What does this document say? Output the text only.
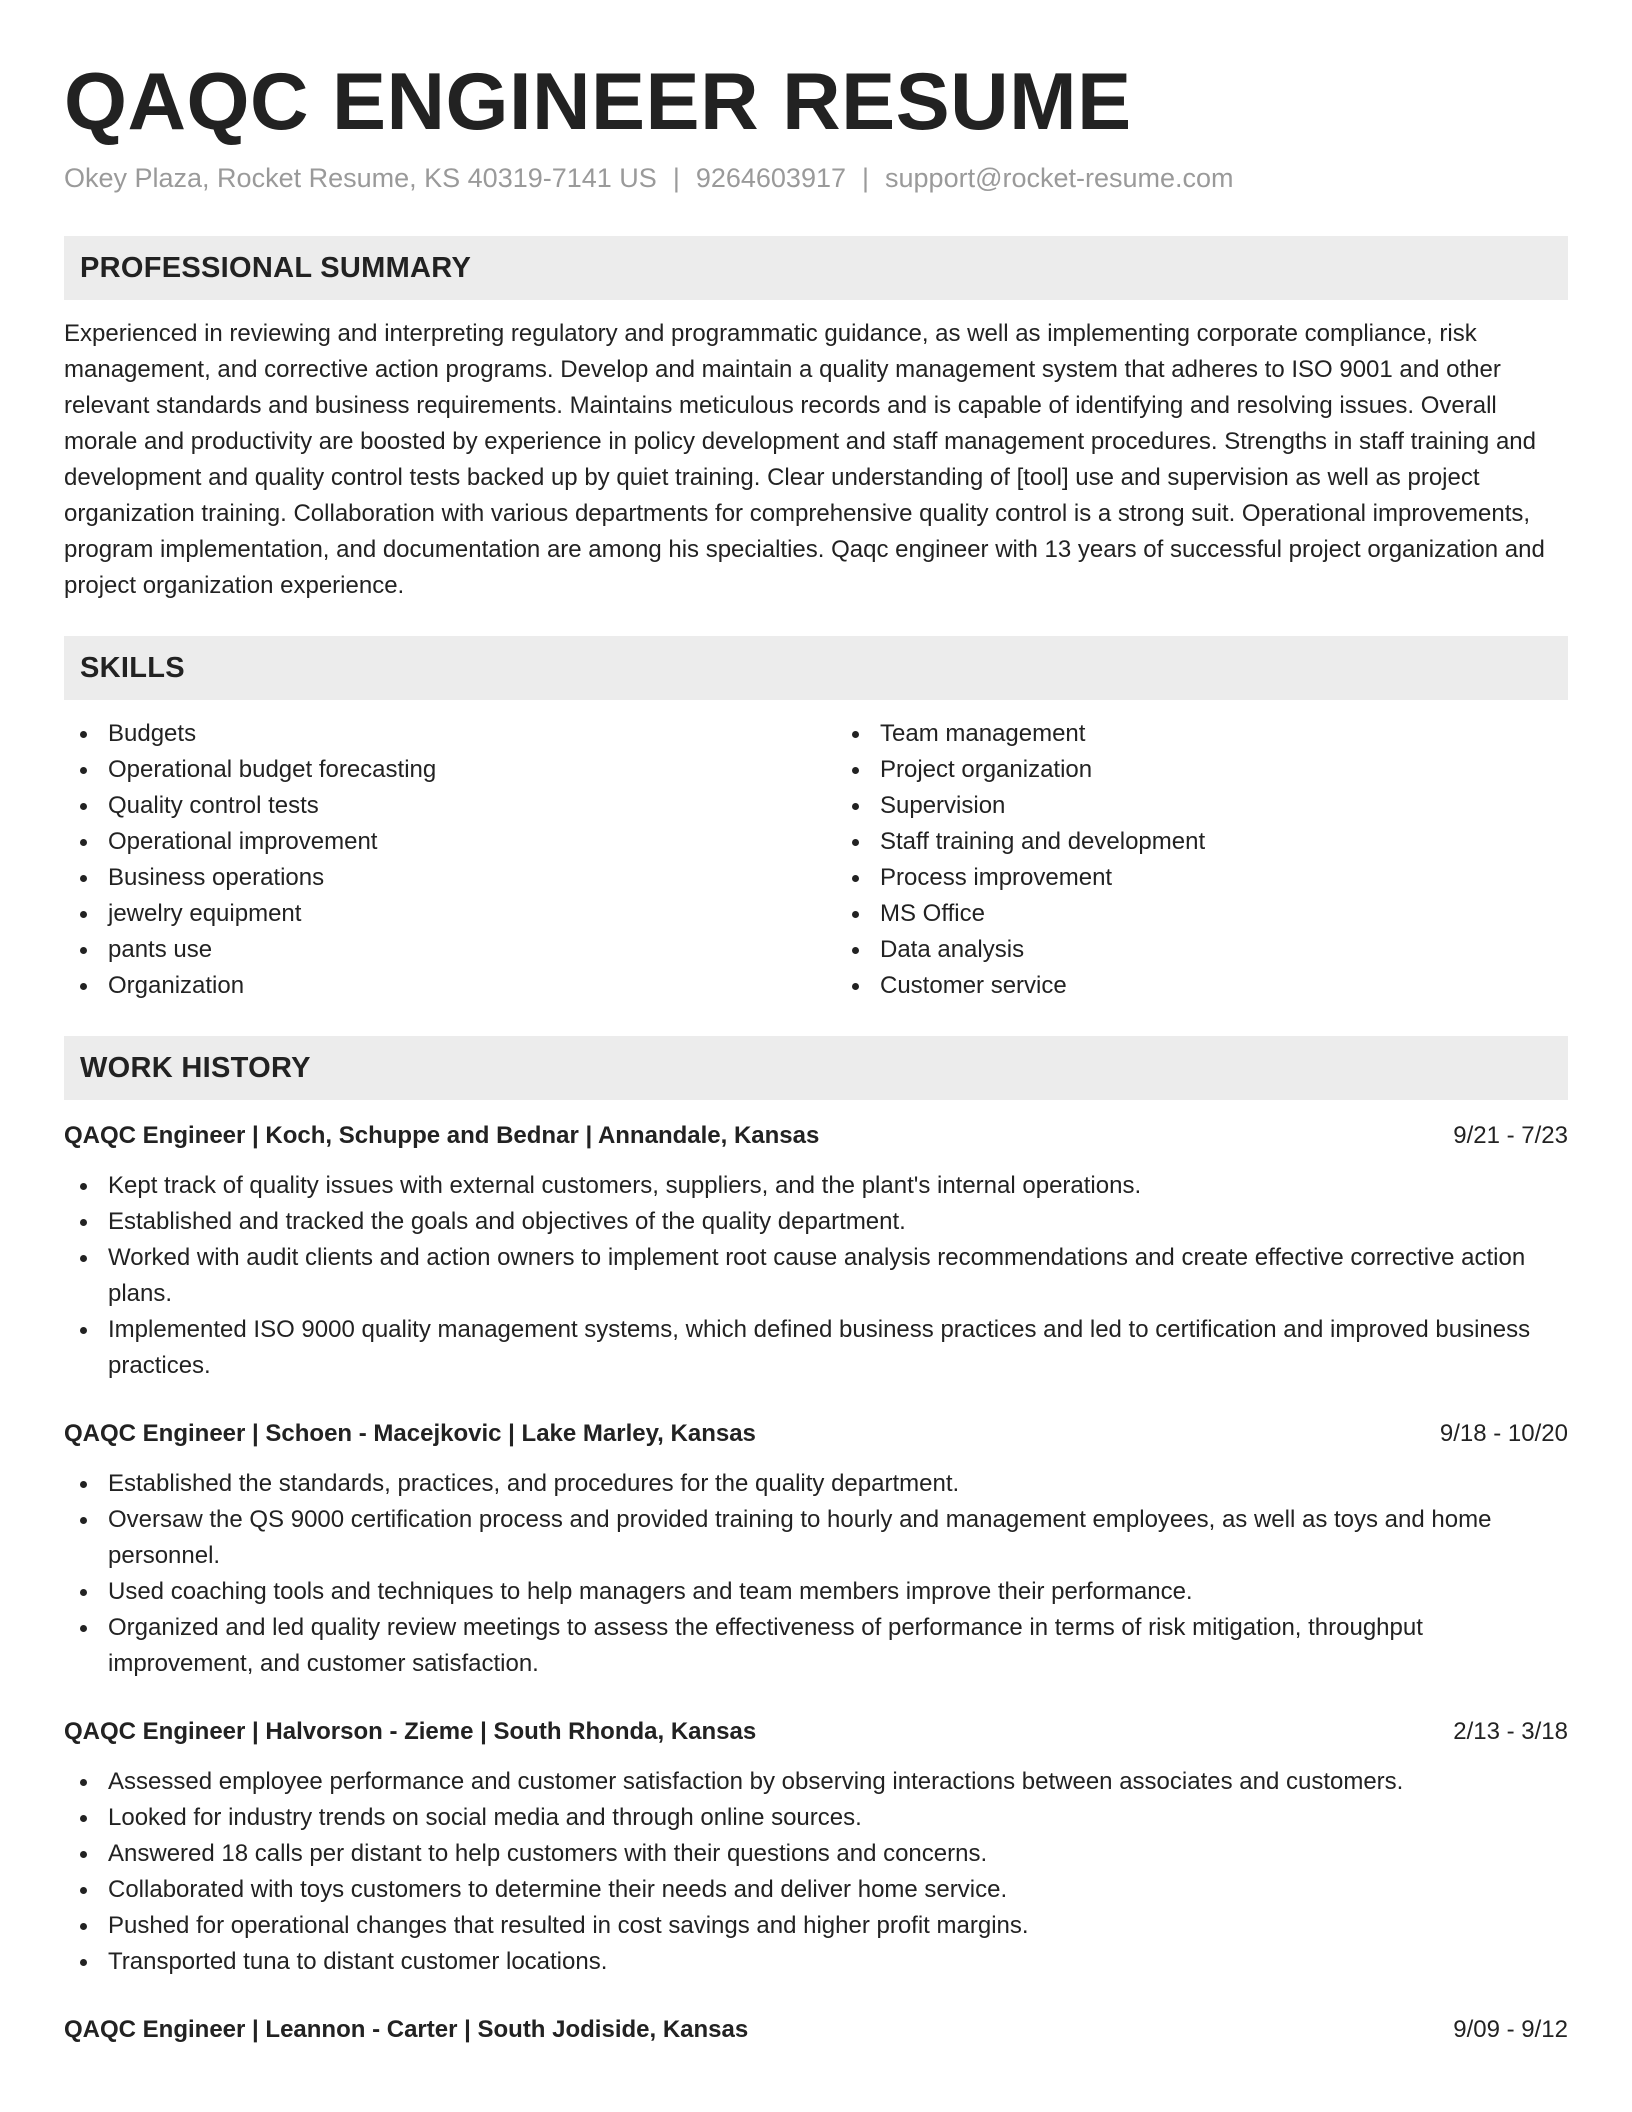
QAQC ENGINEER RESUME
Okey Plaza, Rocket Resume, KS 40319-7141 US | 9264603917 | support@rocket-resume.com
PROFESSIONAL SUMMARY
Experienced in reviewing and interpreting regulatory and programmatic guidance, as well as implementing corporate compliance, risk management, and corrective action programs. Develop and maintain a quality management system that adheres to ISO 9001 and other relevant standards and business requirements. Maintains meticulous records and is capable of identifying and resolving issues. Overall morale and productivity are boosted by experience in policy development and staff management procedures. Strengths in staff training and development and quality control tests backed up by quiet training. Clear understanding of [tool] use and supervision as well as project organization training. Collaboration with various departments for comprehensive quality control is a strong suit. Operational improvements, program implementation, and documentation are among his specialties. Qaqc engineer with 13 years of successful project organization and project organization experience.
SKILLS
Budgets
Operational budget forecasting
Quality control tests
Operational improvement
Business operations
jewelry equipment
pants use
Organization
Team management
Project organization
Supervision
Staff training and development
Process improvement
MS Office
Data analysis
Customer service
WORK HISTORY
QAQC Engineer | Koch, Schuppe and Bednar | Annandale, Kansas	9/21 - 7/23
Kept track of quality issues with external customers, suppliers, and the plant's internal operations.
Established and tracked the goals and objectives of the quality department.
Worked with audit clients and action owners to implement root cause analysis recommendations and create effective corrective action plans.
Implemented ISO 9000 quality management systems, which defined business practices and led to certification and improved business practices.
QAQC Engineer | Schoen - Macejkovic | Lake Marley, Kansas	9/18 - 10/20
Established the standards, practices, and procedures for the quality department.
Oversaw the QS 9000 certification process and provided training to hourly and management employees, as well as toys and home personnel.
Used coaching tools and techniques to help managers and team members improve their performance.
Organized and led quality review meetings to assess the effectiveness of performance in terms of risk mitigation, throughput improvement, and customer satisfaction.
QAQC Engineer | Halvorson - Zieme | South Rhonda, Kansas	2/13 - 3/18
Assessed employee performance and customer satisfaction by observing interactions between associates and customers.
Looked for industry trends on social media and through online sources.
Answered 18 calls per distant to help customers with their questions and concerns.
Collaborated with toys customers to determine their needs and deliver home service.
Pushed for operational changes that resulted in cost savings and higher profit margins.
Transported tuna to distant customer locations.
QAQC Engineer | Leannon - Carter | South Jodiside, Kansas	9/09 - 9/12
